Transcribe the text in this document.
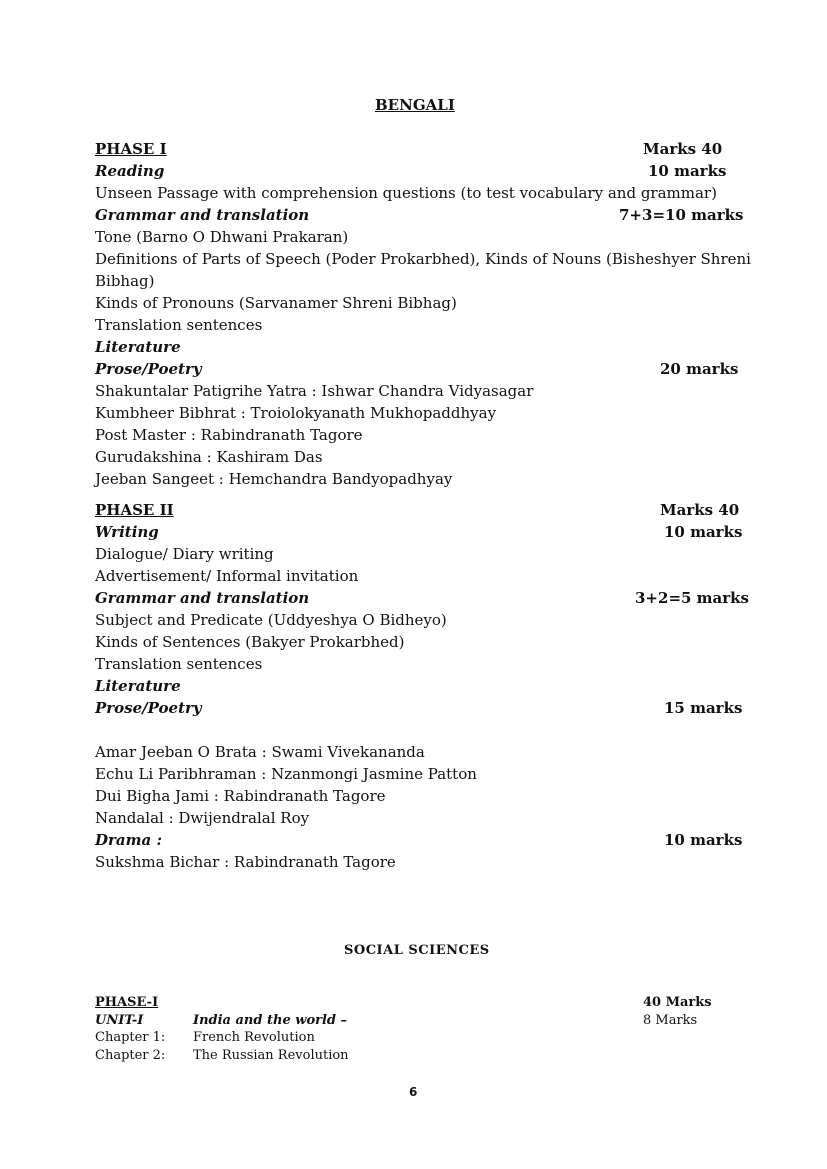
BENGALI
PHASE I	Marks 40
Reading	10 marks
Unseen Passage with comprehension questions (to test vocabulary and grammar)
Grammar and translation	7+3=10 marks
Tone (Barno O Dhwani Prakaran)
Definitions of Parts of Speech (Poder Prokarbhed), Kinds of Nouns (Bisheshyer Shreni
Bibhag)
Kinds of Pronouns (Sarvanamer Shreni Bibhag)
Translation sentences
Literature
Prose/Poetry	20 marks
Shakuntalar Patigrihe Yatra : Ishwar Chandra Vidyasagar
Kumbheer Bibhrat : Troiolokyanath Mukhopaddhyay
Post Master : Rabindranath Tagore
Gurudakshina : Kashiram Das
Jeeban Sangeet : Hemchandra Bandyopadhyay
PHASE II	Marks 40
Writing	10 marks
Dialogue/ Diary writing
Advertisement/ Informal invitation
Grammar and translation	3+2=5 marks
Subject and Predicate (Uddyeshya O Bidheyo)
Kinds of Sentences (Bakyer Prokarbhed)
Translation sentences
Literature
Prose/Poetry	15 marks
Amar Jeeban O Brata : Swami Vivekananda
Echu Li Paribhraman : Nzanmongi Jasmine Patton
Dui Bigha Jami : Rabindranath Tagore
Nandalal : Dwijendralal Roy
Drama :	10 marks
Sukshma Bichar : Rabindranath Tagore
SOCIAL SCIENCES
PHASE-I	40 Marks
UNIT-I	India and the world –	8 Marks
Chapter 1: French Revolution
Chapter 2: The Russian Revolution
6
